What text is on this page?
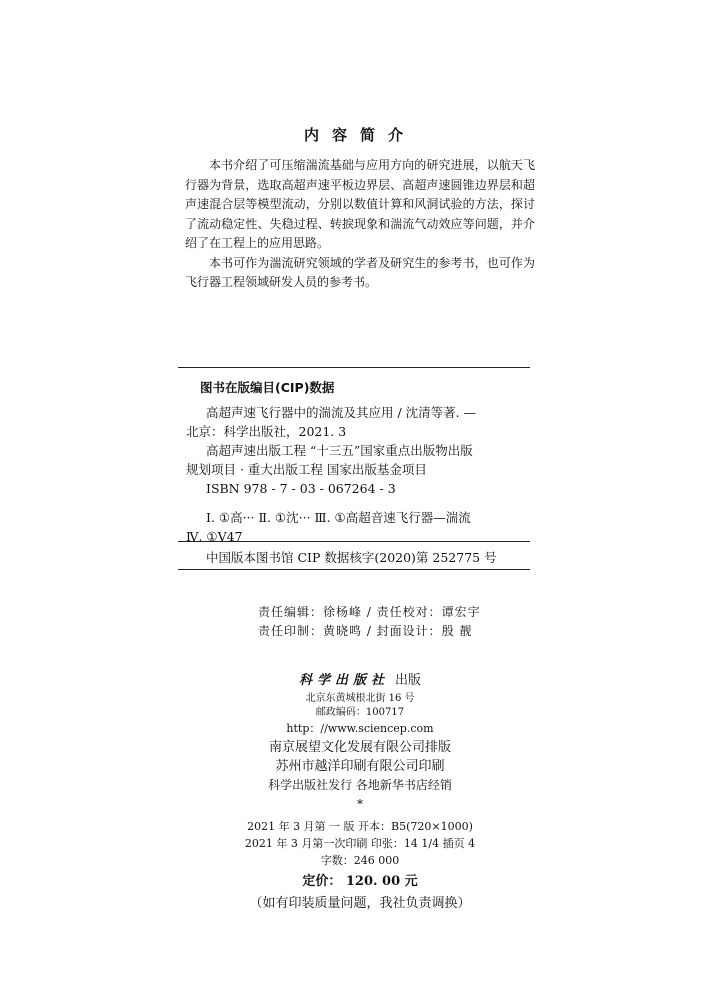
内容简介

本书介绍了可压缩湍流基础与应用方向的研究进展，以航天飞行器为背景，选取高超声速平板边界层、高超声速圆锥边界层和超声速混合层等模型流动，分别以数值计算和风洞试验的方法，探讨了流动稳定性、失稳过程、转捩现象和湍流气动效应等问题，并介绍了在工程上的应用思路。

本书可作为湍流研究领域的学者及研究生的参考书，也可作为飞行器工程领域研发人员的参考书。

图书在版编目(CIP)数据
高超声速飞行器中的湍流及其应用 / 沈清等著. —
北京：科学出版社，2021. 3
高超声速出版工程 “十三五”国家重点出版物出版
规划项目 · 重大出版工程 国家出版基金项目
ISBN 978 - 7 - 03 - 067264 - 3
Ⅰ. ①高··· Ⅱ. ①沈··· Ⅲ. ①高超音速飞行器—湍流
Ⅳ. ①V47
中国版本图书馆 CIP 数据核字(2020)第 252775 号
责任编辑：徐杨峰 / 责任校对：谭宏宇
责任印制：黄晓鸣 / 封面设计：殷 靓
科学出版社 出版
北京东黄城根北街 16 号
邮政编码：100717
http：//www.sciencep.com
南京展望文化发展有限公司排版
苏州市越洋印刷有限公司印刷
科学出版社发行 各地新华书店经销
*
2021 年 3 月第 一 版 开本：B5(720×1000)
2021 年 3 月第一次印刷 印张：14 1/4 插页 4
字数：246 000
定价： 120. 00 元
（如有印装质量问题，我社负责调换）
